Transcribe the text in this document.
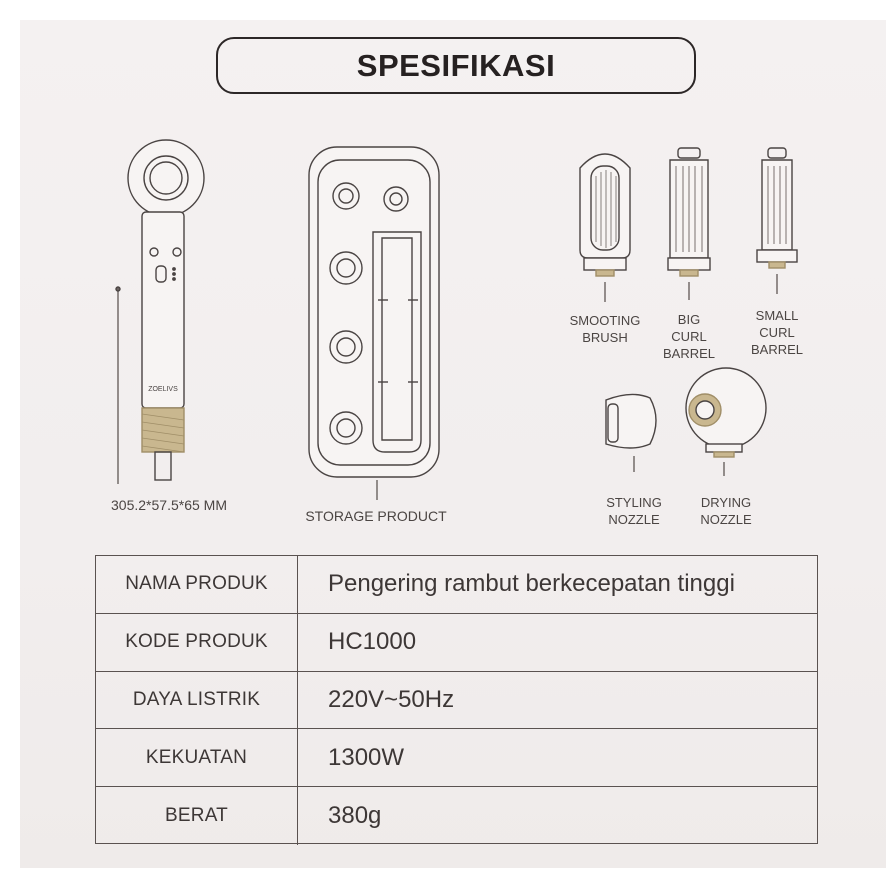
SPESIFIKASI
ZOELIVS
305.2*57.5*65 MM
STORAGE PRODUCT
SMOOTING
BRUSH
BIG
CURL
BARREL
SMALL
CURL
BARREL
STYLING
NOZZLE
DRYING
NOZZLE
NAMA PRODUK	Pengering rambut berkecepatan tinggi
KODE PRODUK	HC1000
DAYA LISTRIK	220V~50Hz
KEKUATAN	1300W
BERAT	380g
